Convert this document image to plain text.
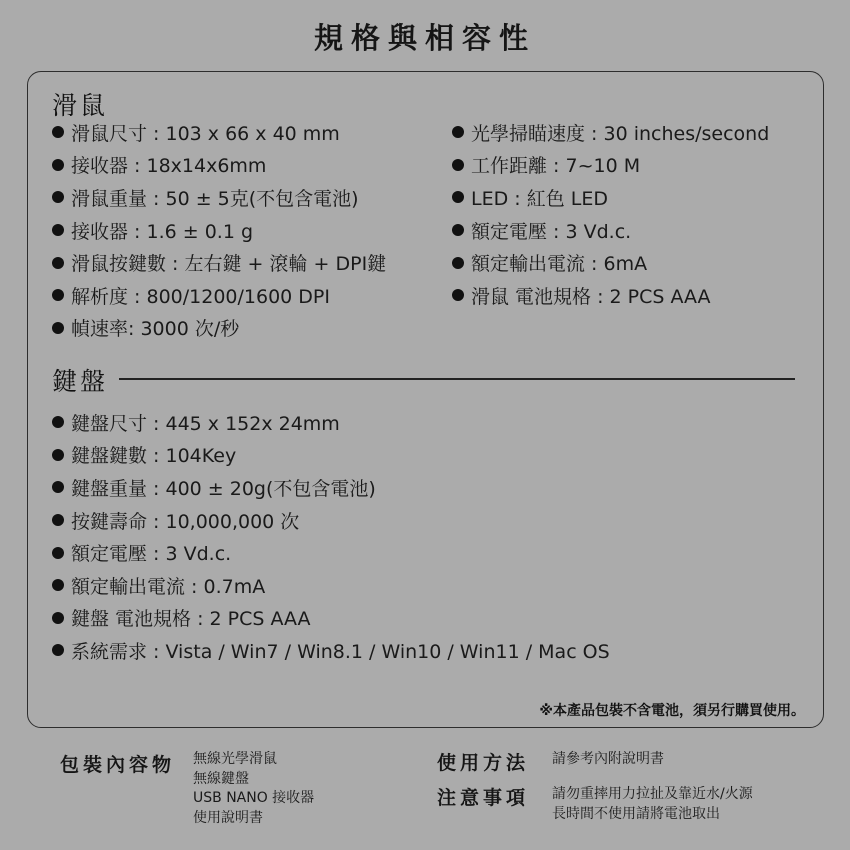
規格與相容性
滑鼠
滑鼠尺寸 : 103 x 66 x 40 mm
接收器 : 18x14x6mm
滑鼠重量 : 50 ± 5克(不包含電池)
接收器 : 1.6 ± 0.1 g
滑鼠按鍵數 : 左右鍵 + 滾輪 + DPI鍵
解析度 : 800/1200/1600 DPI
幀速率: 3000 次/秒
光學掃瞄速度 : 30 inches/second
工作距離 : 7~10 M
LED : 紅色 LED
額定電壓 : 3 Vd.c.
額定輸出電流 : 6mA
滑鼠 電池規格 : 2 PCS AAA
鍵盤
鍵盤尺寸 : 445 x 152x 24mm
鍵盤鍵數 : 104Key
鍵盤重量 : 400 ± 20g(不包含電池)
按鍵壽命 : 10,000,000 次
額定電壓 : 3 Vd.c.
額定輸出電流 : 0.7mA
鍵盤 電池規格 : 2 PCS AAA
系統需求 : Vista / Win7 / Win8.1 / Win10 / Win11 / Mac OS
※本產品包裝不含電池，須另行購買使用。
包裝內容物 無線光學滑鼠
無線鍵盤
USB NANO 接收器
使用說明書
使用方法 請參考內附說明書
注意事項 請勿重摔用力拉扯及靠近水/火源
長時間不使用請將電池取出
